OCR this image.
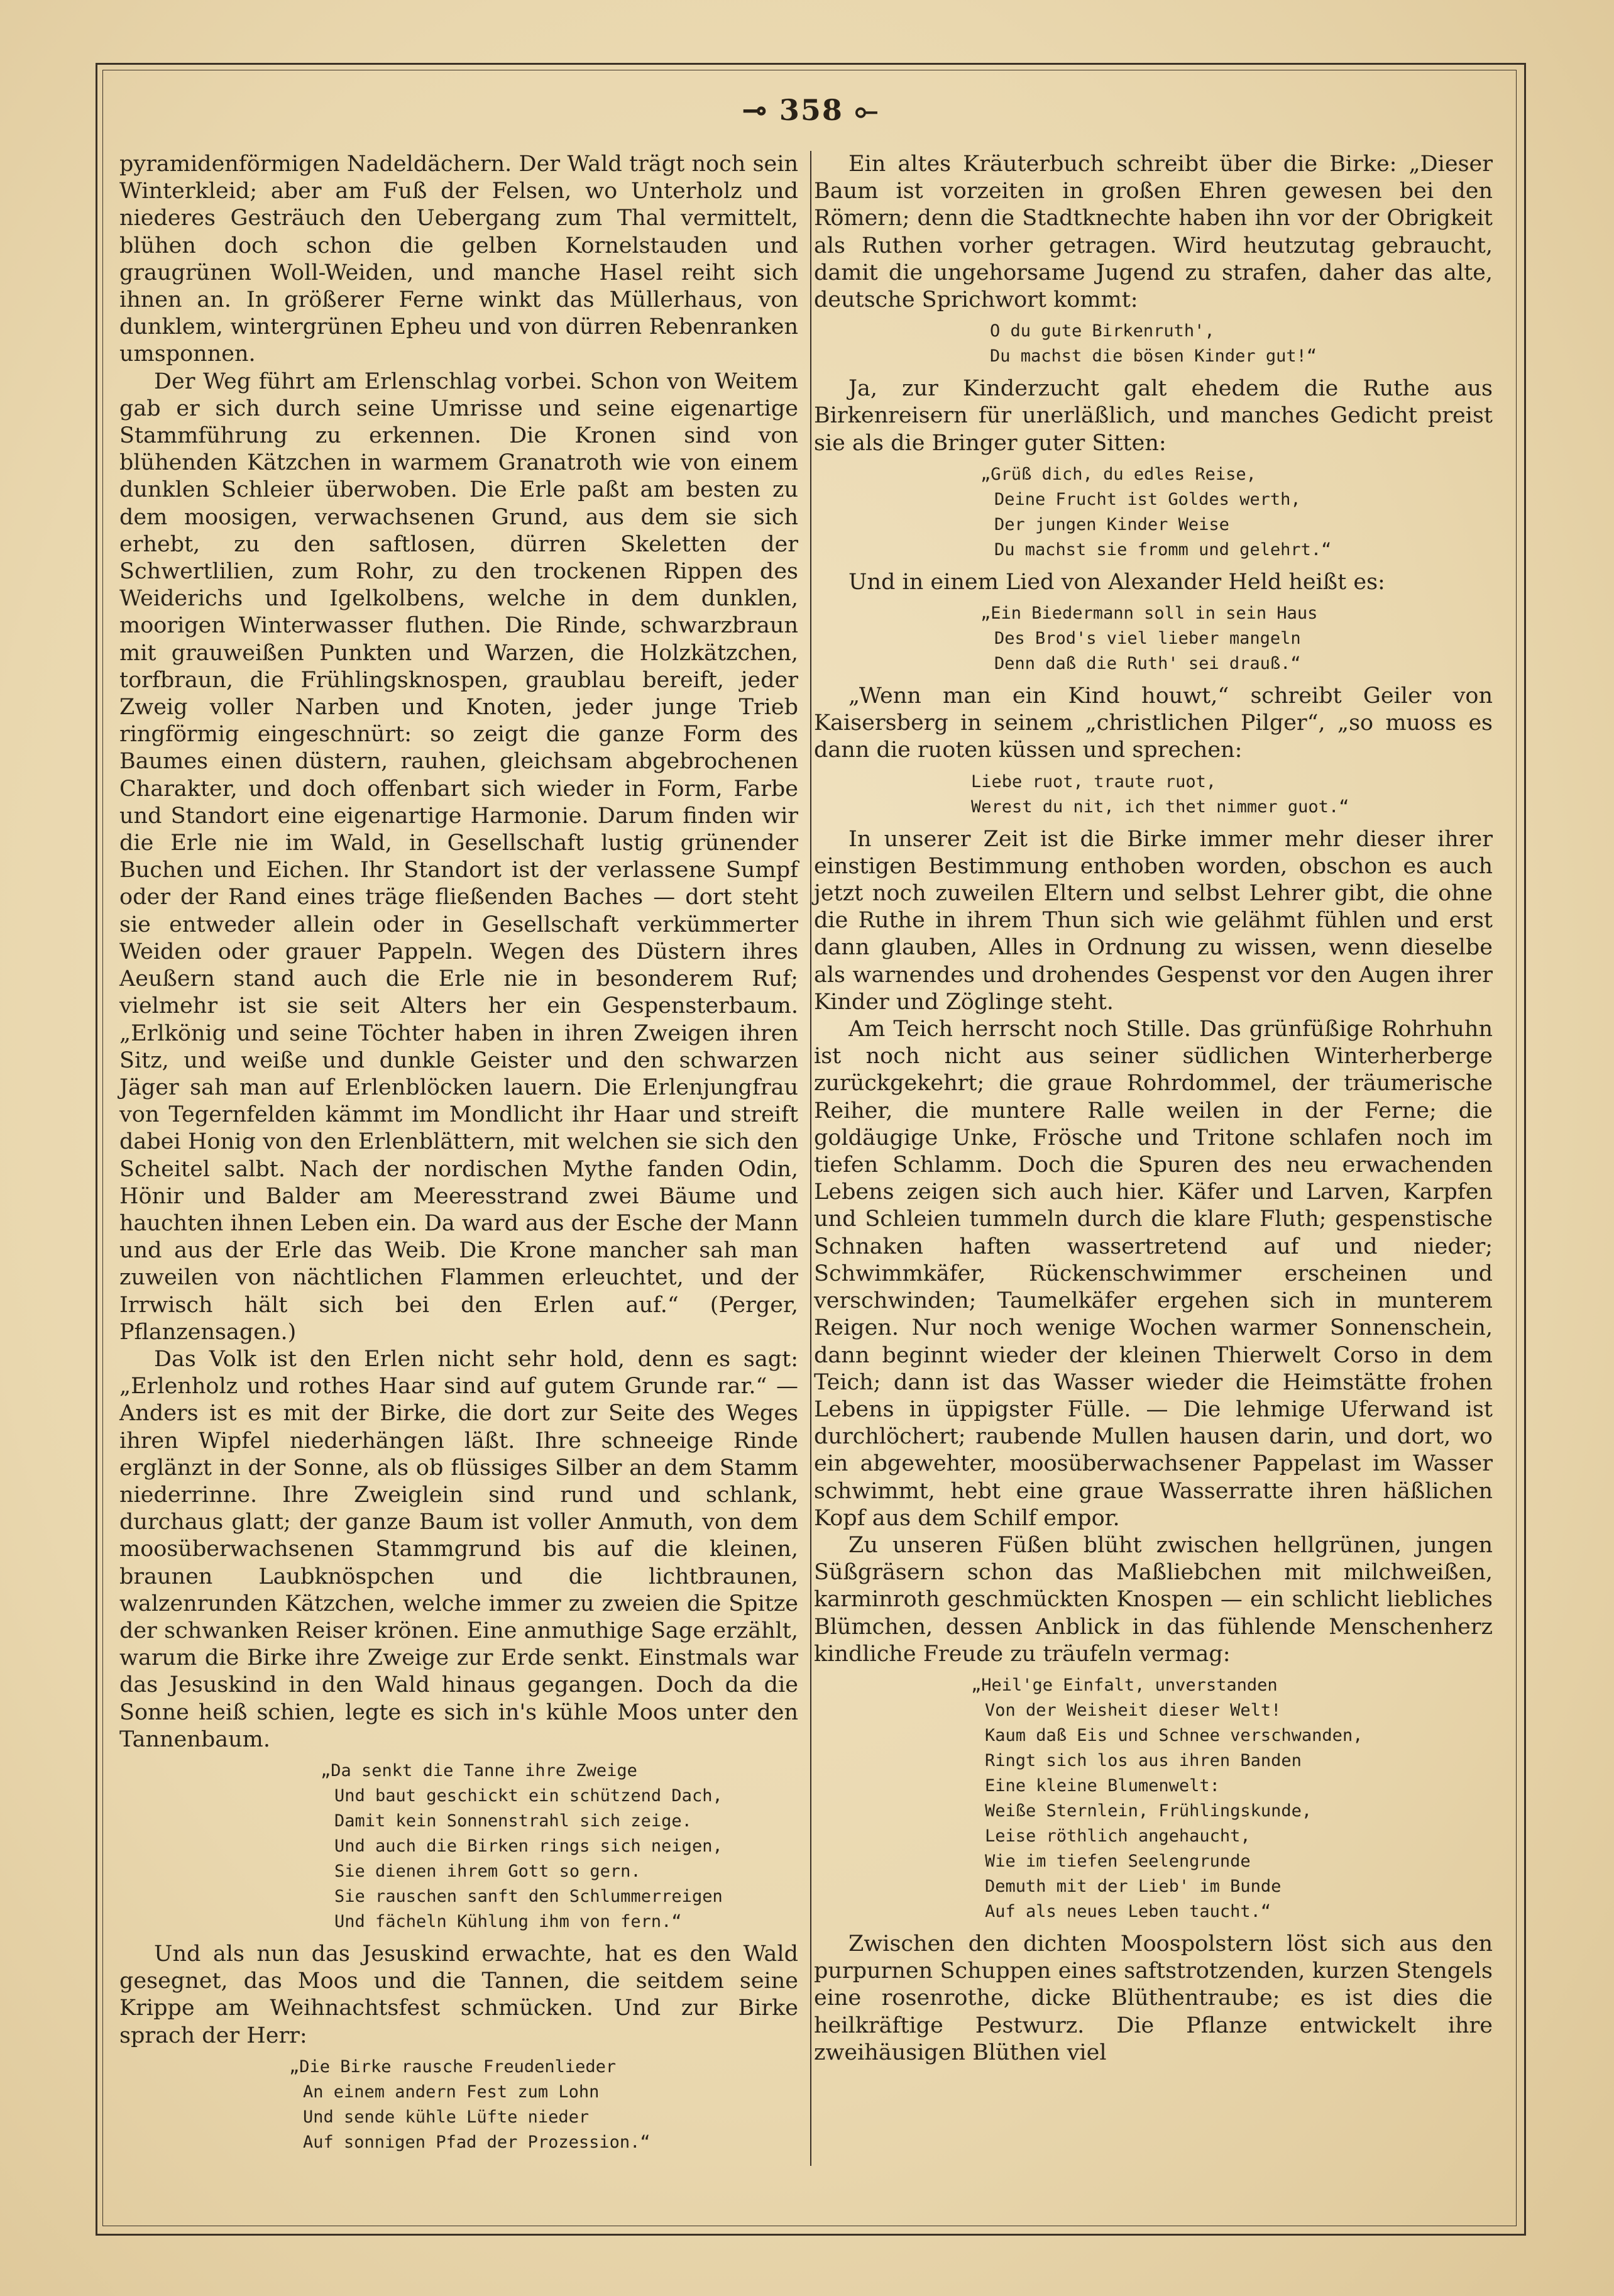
⊸ 358 ⟜

pyramidenförmigen Nadeldächern. Der Wald trägt noch sein Winterkleid; aber am Fuß der Felsen, wo Unterholz und niederes Gesträuch den Uebergang zum Thal vermittelt, blühen doch schon die gelben Kornelstauden und graugrünen Woll-Weiden, und manche Hasel reiht sich ihnen an. In größerer Ferne winkt das Müllerhaus, von dunklem, wintergrünen Epheu und von dürren Rebenranken umsponnen.

Der Weg führt am Erlenschlag vorbei. Schon von Weitem gab er sich durch seine Umrisse und seine eigenartige Stammführung zu erkennen. Die Kronen sind von blühenden Kätzchen in warmem Granatroth wie von einem dunklen Schleier überwoben. Die Erle paßt am besten zu dem moosigen, verwachsenen Grund, aus dem sie sich erhebt, zu den saftlosen, dürren Skeletten der Schwertlilien, zum Rohr, zu den trockenen Rippen des Weiderichs und Igelkolbens, welche in dem dunklen, moorigen Winterwasser fluthen. Die Rinde, schwarzbraun mit grauweißen Punkten und Warzen, die Holzkätzchen, torfbraun, die Frühlingsknospen, graublau bereift, jeder Zweig voller Narben und Knoten, jeder junge Trieb ringförmig eingeschnürt: so zeigt die ganze Form des Baumes einen düstern, rauhen, gleichsam abgebrochenen Charakter, und doch offenbart sich wieder in Form, Farbe und Standort eine eigenartige Harmonie. Darum finden wir die Erle nie im Wald, in Gesellschaft lustig grünender Buchen und Eichen. Ihr Standort ist der verlassene Sumpf oder der Rand eines träge fließenden Baches — dort steht sie entweder allein oder in Gesellschaft verkümmerter Weiden oder grauer Pappeln. Wegen des Düstern ihres Aeußern stand auch die Erle nie in besonderem Ruf; vielmehr ist sie seit Alters her ein Gespensterbaum. „Erlkönig und seine Töchter haben in ihren Zweigen ihren Sitz, und weiße und dunkle Geister und den schwarzen Jäger sah man auf Erlenblöcken lauern. Die Erlenjungfrau von Tegernfelden kämmt im Mondlicht ihr Haar und streift dabei Honig von den Erlenblättern, mit welchen sie sich den Scheitel salbt. Nach der nordischen Mythe fanden Odin, Hönir und Balder am Meeresstrand zwei Bäume und hauchten ihnen Leben ein. Da ward aus der Esche der Mann und aus der Erle das Weib. Die Krone mancher sah man zuweilen von nächtlichen Flammen erleuchtet, und der Irrwisch hält sich bei den Erlen auf.“ (Perger, Pflanzensagen.)

Das Volk ist den Erlen nicht sehr hold, denn es sagt: „Erlenholz und rothes Haar sind auf gutem Grunde rar.“ — Anders ist es mit der Birke, die dort zur Seite des Weges ihren Wipfel niederhängen läßt. Ihre schneeige Rinde erglänzt in der Sonne, als ob flüssiges Silber an dem Stamm niederrinne. Ihre Zweiglein sind rund und schlank, durchaus glatt; der ganze Baum ist voller Anmuth, von dem moosüberwachsenen Stammgrund bis auf die kleinen, braunen Laubknöspchen und die lichtbraunen, walzenrunden Kätzchen, welche immer zu zweien die Spitze der schwanken Reiser krönen. Eine anmuthige Sage erzählt, warum die Birke ihre Zweige zur Erde senkt. Einstmals war das Jesuskind in den Wald hinaus gegangen. Doch da die Sonne heiß schien, legte es sich in's kühle Moos unter den Tannenbaum.

„Da senkt die Tanne ihre Zweige
Und baut geschickt ein schützend Dach,
Damit kein Sonnenstrahl sich zeige.
Und auch die Birken rings sich neigen,
Sie dienen ihrem Gott so gern.
Sie rauschen sanft den Schlummerreigen
Und fächeln Kühlung ihm von fern.“

Und als nun das Jesuskind erwachte, hat es den Wald gesegnet, das Moos und die Tannen, die seitdem seine Krippe am Weihnachtsfest schmücken. Und zur Birke sprach der Herr:

„Die Birke rausche Freudenlieder
An einem andern Fest zum Lohn
Und sende kühle Lüfte nieder
Auf sonnigen Pfad der Prozession.“

Ein altes Kräuterbuch schreibt über die Birke: „Dieser Baum ist vorzeiten in großen Ehren gewesen bei den Römern; denn die Stadtknechte haben ihn vor der Obrigkeit als Ruthen vorher getragen. Wird heutzutag gebraucht, damit die ungehorsame Jugend zu strafen, daher das alte, deutsche Sprichwort kommt:

O du gute Birkenruth',
Du machst die bösen Kinder gut!“

Ja, zur Kinderzucht galt ehedem die Ruthe aus Birkenreisern für unerläßlich, und manches Gedicht preist sie als die Bringer guter Sitten:

„Grüß dich, du edles Reise,
Deine Frucht ist Goldes werth,
Der jungen Kinder Weise
Du machst sie fromm und gelehrt.“

Und in einem Lied von Alexander Held heißt es:

„Ein Biedermann soll in sein Haus
Des Brod's viel lieber mangeln
Denn daß die Ruth' sei drauß.“

„Wenn man ein Kind houwt,“ schreibt Geiler von Kaisersberg in seinem „christlichen Pilger“, „so muoss es dann die ruoten küssen und sprechen:

Liebe ruot, traute ruot,
Werest du nit, ich thet nimmer guot.“

In unserer Zeit ist die Birke immer mehr dieser ihrer einstigen Bestimmung enthoben worden, obschon es auch jetzt noch zuweilen Eltern und selbst Lehrer gibt, die ohne die Ruthe in ihrem Thun sich wie gelähmt fühlen und erst dann glauben, Alles in Ordnung zu wissen, wenn dieselbe als warnendes und drohendes Gespenst vor den Augen ihrer Kinder und Zöglinge steht.

Am Teich herrscht noch Stille. Das grünfüßige Rohrhuhn ist noch nicht aus seiner südlichen Winterherberge zurückgekehrt; die graue Rohrdommel, der träumerische Reiher, die muntere Ralle weilen in der Ferne; die goldäugige Unke, Frösche und Tritone schlafen noch im tiefen Schlamm. Doch die Spuren des neu erwachenden Lebens zeigen sich auch hier. Käfer und Larven, Karpfen und Schleien tummeln durch die klare Fluth; gespenstische Schnaken haften wassertretend auf und nieder; Schwimmkäfer, Rückenschwimmer erscheinen und verschwinden; Taumelkäfer ergehen sich in munterem Reigen. Nur noch wenige Wochen warmer Sonnenschein, dann beginnt wieder der kleinen Thierwelt Corso in dem Teich; dann ist das Wasser wieder die Heimstätte frohen Lebens in üppigster Fülle. — Die lehmige Uferwand ist durchlöchert; raubende Mullen hausen darin, und dort, wo ein abgewehter, moosüberwachsener Pappelast im Wasser schwimmt, hebt eine graue Wasserratte ihren häßlichen Kopf aus dem Schilf empor.

Zu unseren Füßen blüht zwischen hellgrünen, jungen Süßgräsern schon das Maßliebchen mit milchweißen, karminroth geschmückten Knospen — ein schlicht liebliches Blümchen, dessen Anblick in das fühlende Menschenherz kindliche Freude zu träufeln vermag:

„Heil'ge Einfalt, unverstanden
Von der Weisheit dieser Welt!
Kaum daß Eis und Schnee verschwanden,
Ringt sich los aus ihren Banden
Eine kleine Blumenwelt:
Weiße Sternlein, Frühlingskunde,
Leise röthlich angehaucht,
Wie im tiefen Seelengrunde
Demuth mit der Lieb' im Bunde
Auf als neues Leben taucht.“

Zwischen den dichten Moospolstern löst sich aus den purpurnen Schuppen eines saftstrotzenden, kurzen Stengels eine rosenrothe, dicke Blüthentraube; es ist dies die heilkräftige Pestwurz. Die Pflanze entwickelt ihre zweihäusigen Blüthen viel
